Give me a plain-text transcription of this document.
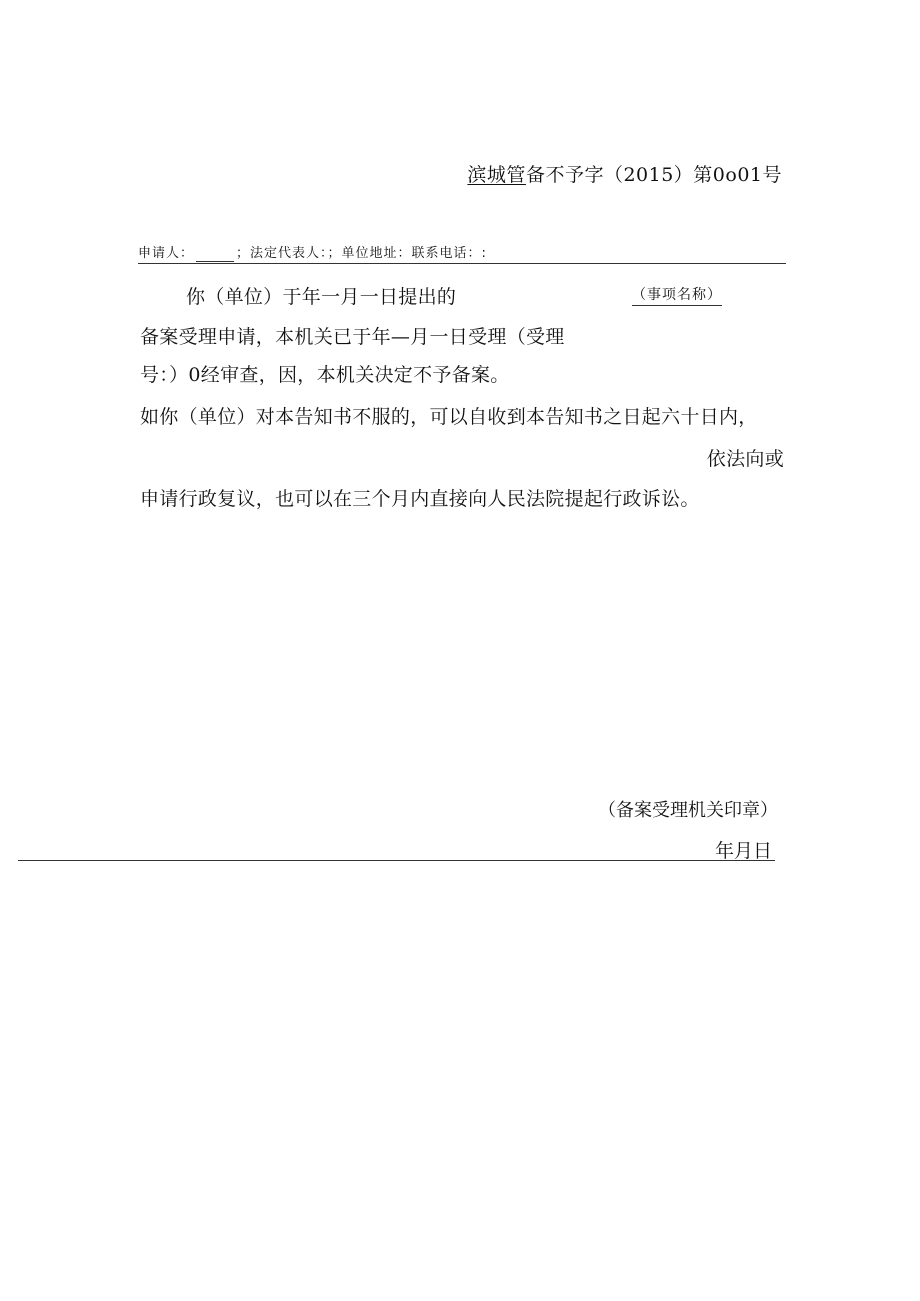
滨城管备不予字（2015）第0o01号
申请人：	；法定代表人：；单位地址：联系电话：:
你（单位）于年一月一日提出的	（事项名称）
备案受理申请，本机关已于年—月一日受理（受理
号：）0经审查，因，本机关决定不予备案。
如你（单位）对本告知书不服的，可以自收到本告知书之日起六十日内，
依法向或
申请行政复议，也可以在三个月内直接向人民法院提起行政诉讼。
（备案受理机关印章）
年月日
